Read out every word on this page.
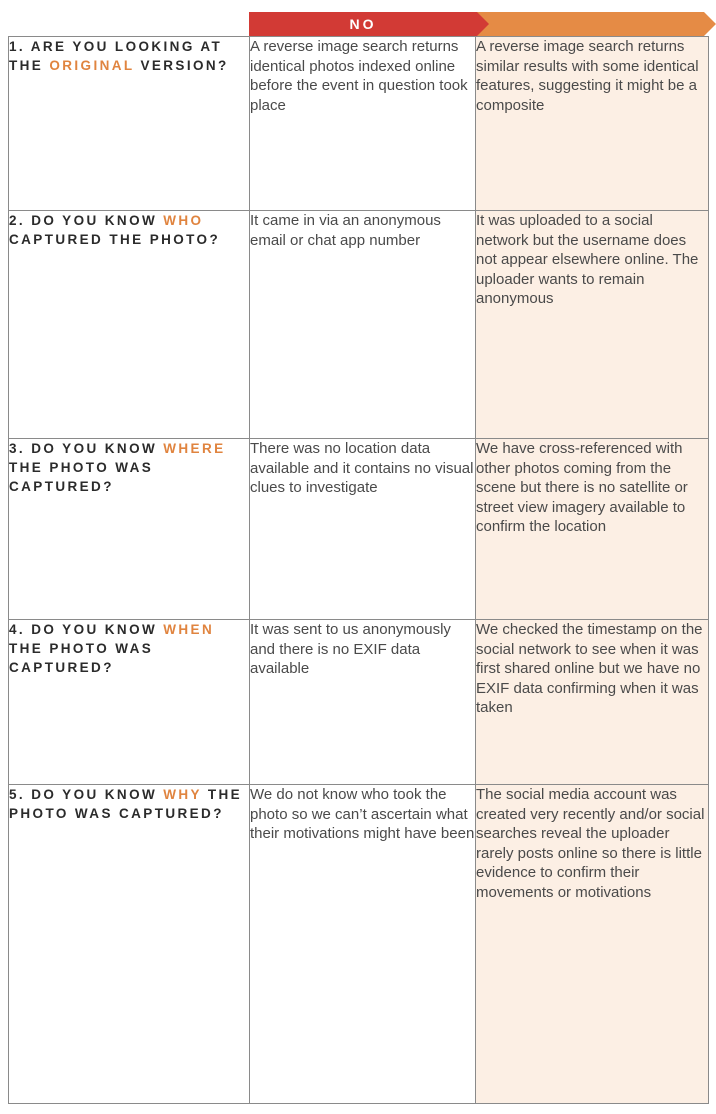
NO

1. ARE YOU LOOKING AT THE ORIGINAL VERSION?	A reverse image search returns identical photos indexed online before the event in question took place	A reverse image search returns similar results with some identical features, suggesting it might be a composite

2. DO YOU KNOW WHO CAPTURED THE PHOTO?	It came in via an anonymous email or chat app number	It was uploaded to a social network but the username does not appear elsewhere online. The uploader wants to remain anonymous

3. DO YOU KNOW WHERE THE PHOTO WAS CAPTURED?	There was no location data available and it contains no visual clues to investigate	We have cross-referenced with other photos coming from the scene but there is no satellite or street view imagery available to confirm the location

4. DO YOU KNOW WHEN THE PHOTO WAS CAPTURED?	It was sent to us anonymously and there is no EXIF data available	We checked the timestamp on the social network to see when it was first shared online but we have no EXIF data confirming when it was taken

5. DO YOU KNOW WHY THE PHOTO WAS CAPTURED?	We do not know who took the photo so we can’t ascertain what their motivations might have been	The social media account was created very recently and/or social searches reveal the uploader rarely posts online so there is little evidence to confirm their movements or motivations
